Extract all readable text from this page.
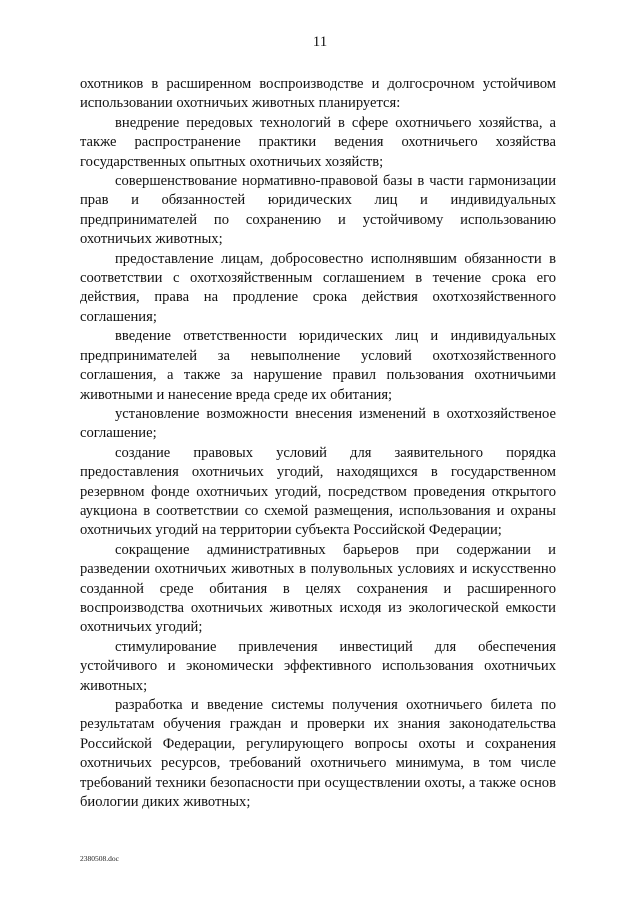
11

охотников в расширенном воспроизводстве и долгосрочном устойчивом использовании охотничьих животных планируется:

внедрение передовых технологий в сфере охотничьего хозяйства, а также распространение практики ведения охотничьего хозяйства государственных опытных охотничьих хозяйств;

совершенствование нормативно-правовой базы в части гармонизации прав и обязанностей юридических лиц и индивидуальных предпринимателей по сохранению и устойчивому использованию охотничьих животных;

предоставление лицам, добросовестно исполнявшим обязанности в соответствии с охотхозяйственным соглашением в течение срока его действия, права на продление срока действия охотхозяйственного соглашения;

введение ответственности юридических лиц и индивидуальных предпринимателей за невыполнение условий охотхозяйственного соглашения, а также за нарушение правил пользования охотничьими животными и нанесение вреда среде их обитания;

установление возможности внесения изменений в охотхозяйственое соглашение;

создание правовых условий для заявительного порядка предоставления охотничьих угодий, находящихся в государственном резервном фонде охотничьих угодий, посредством проведения открытого аукциона в соответствии со схемой размещения, использования и охраны охотничьих угодий на территории субъекта Российской Федерации;

сокращение административных барьеров при содержании и разведении охотничьих животных в полувольных условиях и искусственно созданной среде обитания в целях сохранения и расширенного воспроизводства охотничьих животных исходя из экологической емкости охотничьих угодий;

стимулирование привлечения инвестиций для обеспечения устойчивого и экономически эффективного использования охотничьих животных;

разработка и введение системы получения охотничьего билета по результатам обучения граждан и проверки их знания законодательства Российской Федерации, регулирующего вопросы охоты и сохранения охотничьих ресурсов, требований охотничьего минимума, в том числе требований техники безопасности при осуществлении охоты, а также основ биологии диких животных;

2380508.doc
